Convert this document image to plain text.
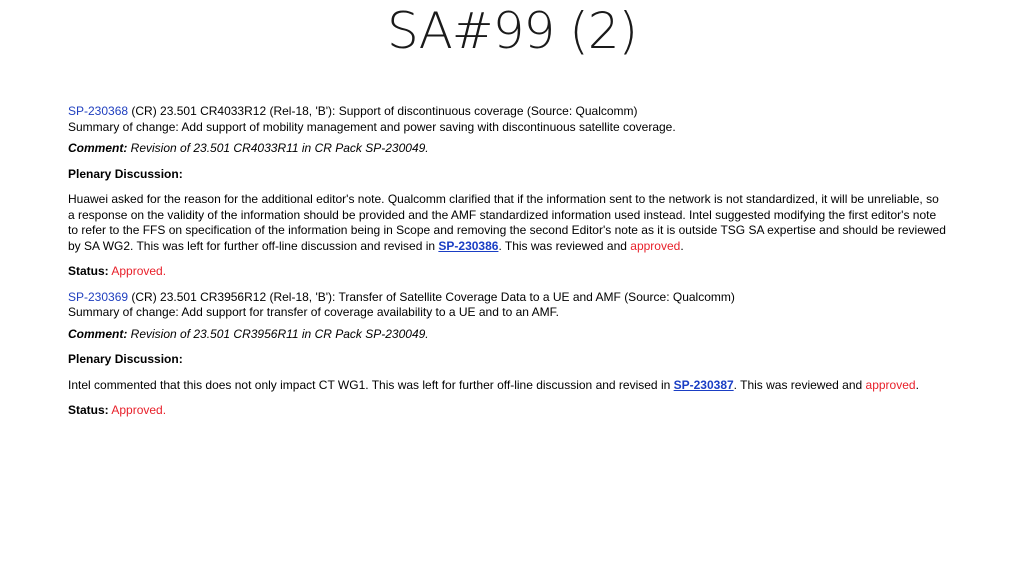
SA#99 (2)

SP-230368 (CR) 23.501 CR4033R12 (Rel-18, 'B'): Support of discontinuous coverage (Source: Qualcomm)
Summary of change: Add support of mobility management and power saving with discontinuous satellite coverage.

Comment: Revision of 23.501 CR4033R11 in CR Pack SP-230049.

Plenary Discussion:

Huawei asked for the reason for the additional editor's note. Qualcomm clarified that if the information sent to the network is not standardized, it will be unreliable, so a response on the validity of the information should be provided and the AMF standardized information used instead. Intel suggested modifying the first editor's note to refer to the FFS on specification of the information being in Scope and removing the second Editor's note as it is outside TSG SA expertise and should be reviewed by SA WG2. This was left for further off-line discussion and revised in SP-230386. This was reviewed and approved.

Status: Approved.

SP-230369 (CR) 23.501 CR3956R12 (Rel-18, 'B'): Transfer of Satellite Coverage Data to a UE and AMF (Source: Qualcomm)
Summary of change: Add support for transfer of coverage availability to a UE and to an AMF.

Comment: Revision of 23.501 CR3956R11 in CR Pack SP-230049.

Plenary Discussion:

Intel commented that this does not only impact CT WG1. This was left for further off-line discussion and revised in SP-230387. This was reviewed and approved.

Status: Approved.
